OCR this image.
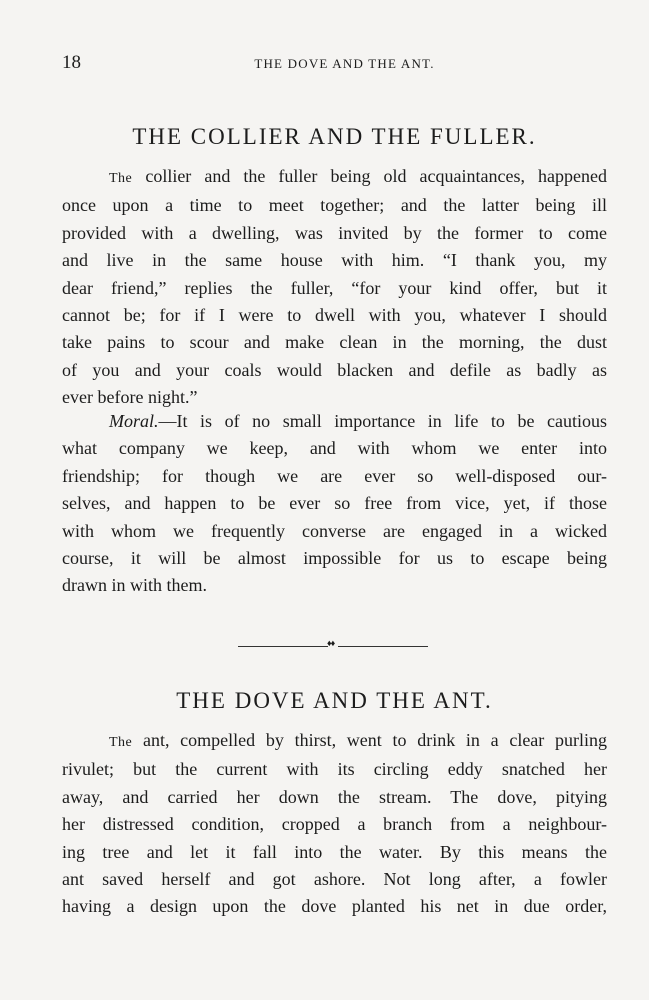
18	THE DOVE AND THE ANT.
THE COLLIER AND THE FULLER.
The collier and the fuller being old acquaintances, happened
once upon a time to meet together; and the latter being ill
provided with a dwelling, was invited by the former to come
and live in the same house with him. “I thank you, my
dear friend,” replies the fuller, “for your kind offer, but it
cannot be; for if I were to dwell with you, whatever I should
take pains to scour and make clean in the morning, the dust
of you and your coals would blacken and defile as badly as
ever before night.”
Moral.—It is of no small importance in life to be cautious
what company we keep, and with whom we enter into
friendship; for though we are ever so well-disposed our-
selves, and happen to be ever so free from vice, yet, if those
with whom we frequently converse are engaged in a wicked
course, it will be almost impossible for us to escape being
drawn in with them.
♦♦
THE DOVE AND THE ANT.
The ant, compelled by thirst, went to drink in a clear purling
rivulet; but the current with its circling eddy snatched her
away, and carried her down the stream. The dove, pitying
her distressed condition, cropped a branch from a neighbour-
ing tree and let it fall into the water. By this means the
ant saved herself and got ashore. Not long after, a fowler
having a design upon the dove planted his net in due order,
